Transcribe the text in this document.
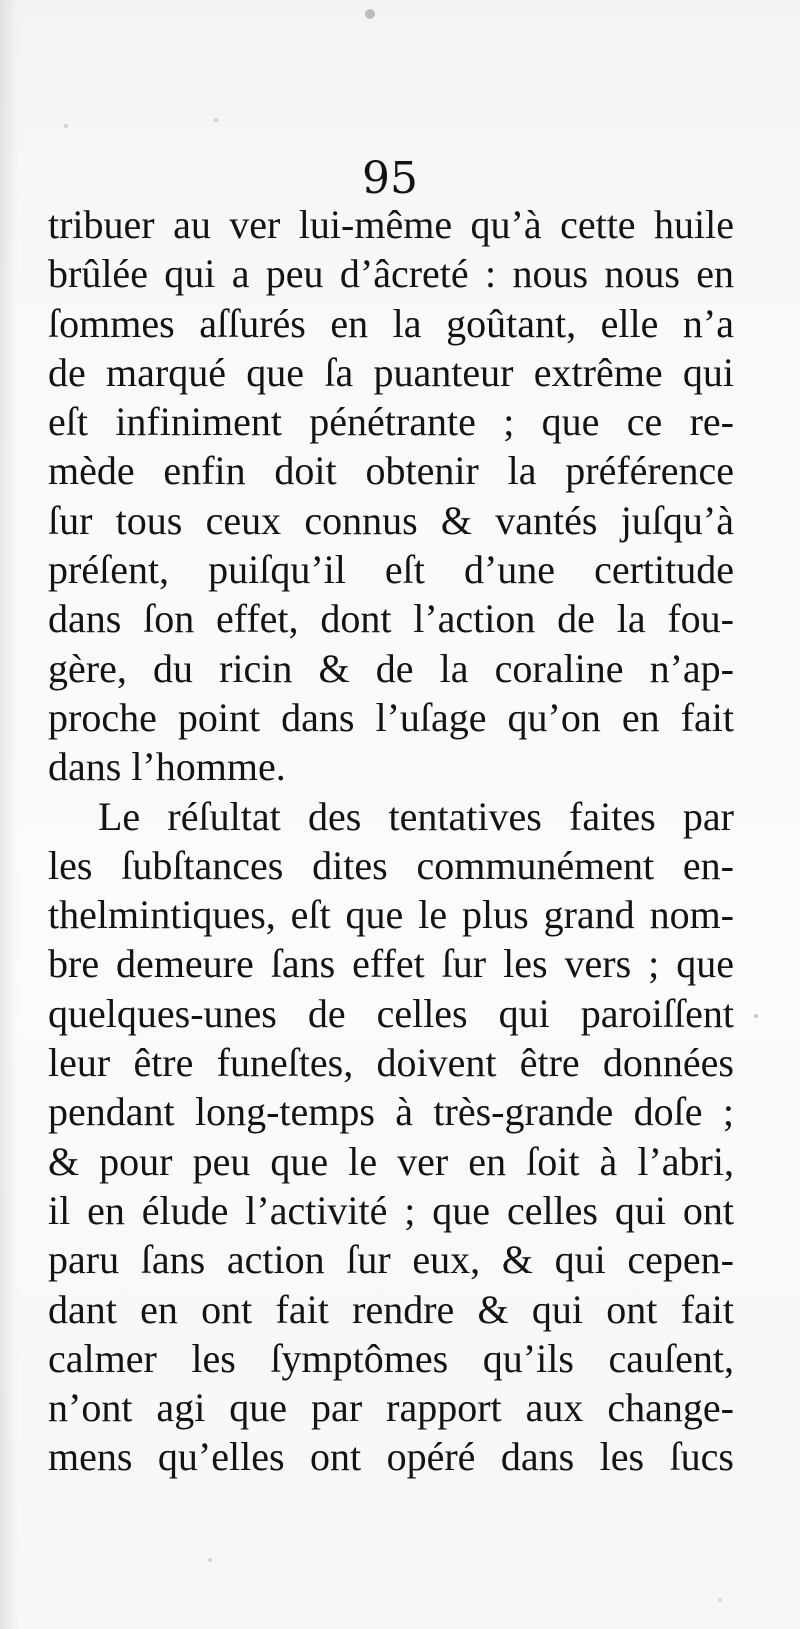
95
tribuer au ver lui-même qu’à cette huile
brûlée qui a peu d’âcreté : nous nous en
ſommes aſſurés en la goûtant, elle n’a
de marqué que ſa puanteur extrême qui
eſt infiniment pénétrante ; que ce re-
mède enfin doit obtenir la préférence
ſur tous ceux connus & vantés juſqu’à
préſent, puiſqu’il eſt d’une certitude
dans ſon effet, dont l’action de la fou-
gère, du ricin & de la coraline n’ap-
proche point dans l’uſage qu’on en fait
dans l’homme.
Le réſultat des tentatives faites par
les ſubſtances dites communément en-
thelmintiques, eſt que le plus grand nom-
bre demeure ſans effet ſur les vers ; que
quelques-unes de celles qui paroiſſent
leur être funeſtes, doivent être données
pendant long-temps à très-grande doſe ;
& pour peu que le ver en ſoit à l’abri,
il en élude l’activité ; que celles qui ont
paru ſans action ſur eux, & qui cepen-
dant en ont fait rendre & qui ont fait
calmer les ſymptômes qu’ils cauſent,
n’ont agi que par rapport aux change-
mens qu’elles ont opéré dans les ſucs
